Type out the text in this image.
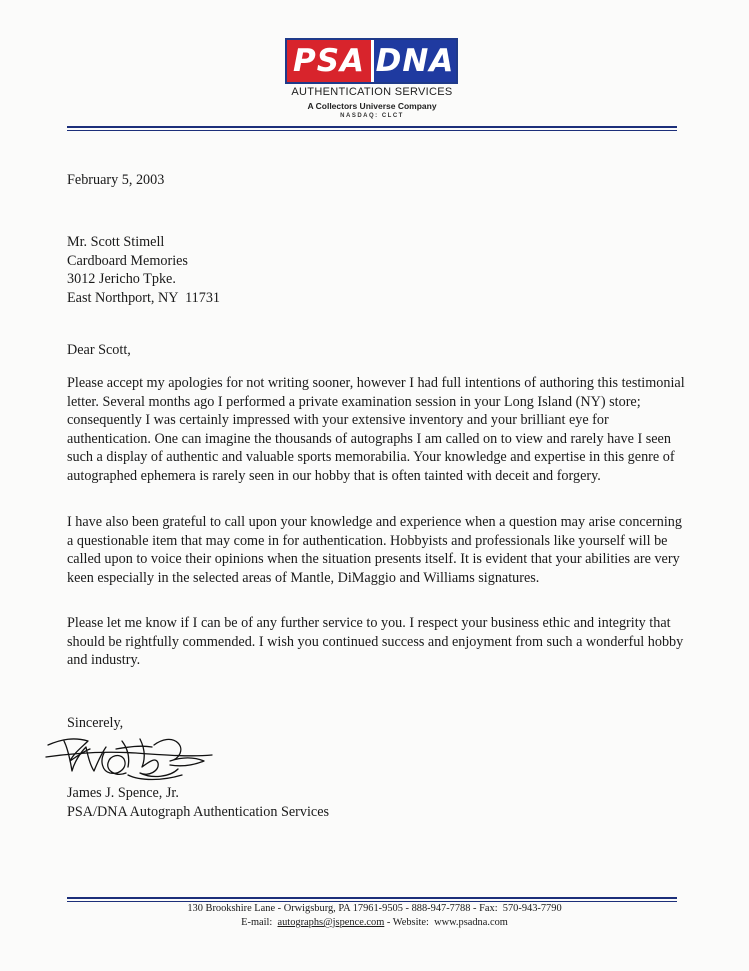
PSA DNA
AUTHENTICATION SERVICES
A Collectors Universe Company
NASDAQ: CLCT
February 5, 2003
Mr. Scott Stimell
Cardboard Memories
3012 Jericho Tpke.
East Northport, NY  11731
Dear Scott,
Please accept my apologies for not writing sooner, however I had full intentions of authoring this testimonial letter. Several months ago I performed a private examination session in your Long Island (NY) store; consequently I was certainly impressed with your extensive inventory and your brilliant eye for authentication. One can imagine the thousands of autographs I am called on to view and rarely have I seen such a display of authentic and valuable sports memorabilia. Your knowledge and expertise in this genre of autographed ephemera is rarely seen in our hobby that is often tainted with deceit and forgery.
I have also been grateful to call upon your knowledge and experience when a question may arise concerning a questionable item that may come in for authentication. Hobbyists and professionals like yourself will be called upon to voice their opinions when the situation presents itself. It is evident that your abilities are very keen especially in the selected areas of Mantle, DiMaggio and Williams signatures.
Please let me know if I can be of any further service to you. I respect your business ethic and integrity that should be rightfully commended. I wish you continued success and enjoyment from such a wonderful hobby and industry.
Sincerely,
James J. Spence, Jr.
PSA/DNA Autograph Authentication Services
130 Brookshire Lane - Orwigsburg, PA 17961-9505 - 888-947-7788 - Fax:  570-943-7790
E-mail:  autographs@jspence.com - Website:  www.psadna.com
